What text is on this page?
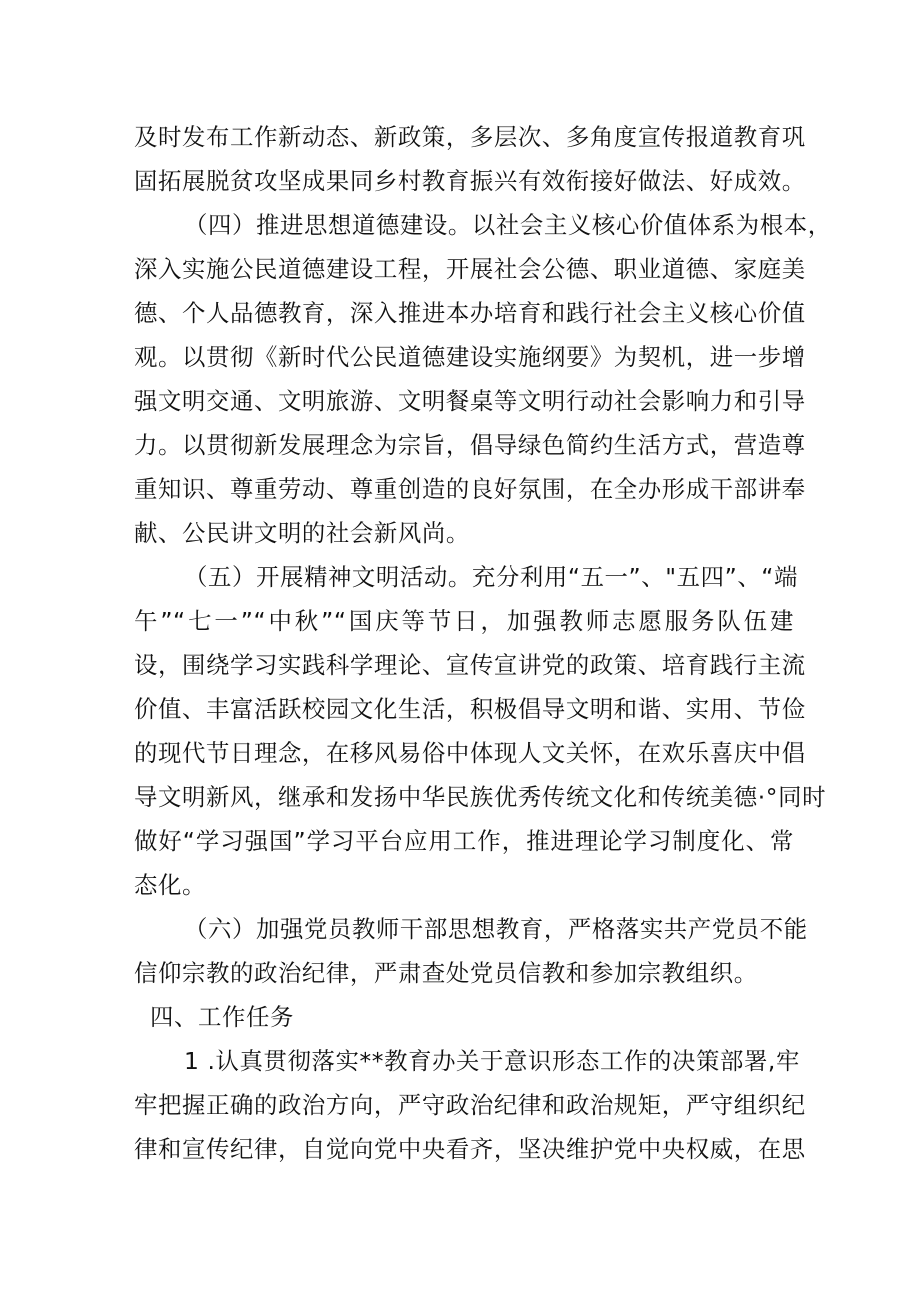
及时发布工作新动态、新政策，多层次、多角度宣传报道教育巩
固拓展脱贫攻坚成果同乡村教育振兴有效衔接好做法、好成效。
（四）推进思想道德建设。以社会主义核心价值体系为根本，
深入实施公民道德建设工程，开展社会公德、职业道德、家庭美
德、个人品德教育，深入推进本办培育和践行社会主义核心价值
观。以贯彻《新时代公民道德建设实施纲要》为契机，进一步增
强文明交通、文明旅游、文明餐桌等文明行动社会影响力和引导
力。以贯彻新发展理念为宗旨，倡导绿色简约生活方式，营造尊
重知识、尊重劳动、尊重创造的良好氛围，在全办形成干部讲奉
献、公民讲文明的社会新风尚。
（五）开展精神文明活动。充分利用“五一”、"五四”、“端
午”“七一”“中秋”“国庆等节日，加强教师志愿服务队伍建
设，围绕学习实践科学理论、宣传宣讲党的政策、培育践行主流
价值、丰富活跃校园文化生活，积极倡导文明和谐、实用、节俭
的现代节日理念，在移风易俗中体现人文关怀，在欢乐喜庆中倡
导文明新风，继承和发扬中华民族优秀传统文化和传统美德·°同时
做好“学习强国”学习平台应用工作，推进理论学习制度化、常
态化。
（六）加强党员教师干部思想教育，严格落实共产党员不能
信仰宗教的政治纪律，严肃查处党员信教和参加宗教组织。
四、工作任务
1 .认真贯彻落实**教育办关于意识形态工作的决策部署,牢
牢把握正确的政治方向，严守政治纪律和政治规矩，严守组织纪
律和宣传纪律，自觉向党中央看齐，坚决维护党中央权威，在思
